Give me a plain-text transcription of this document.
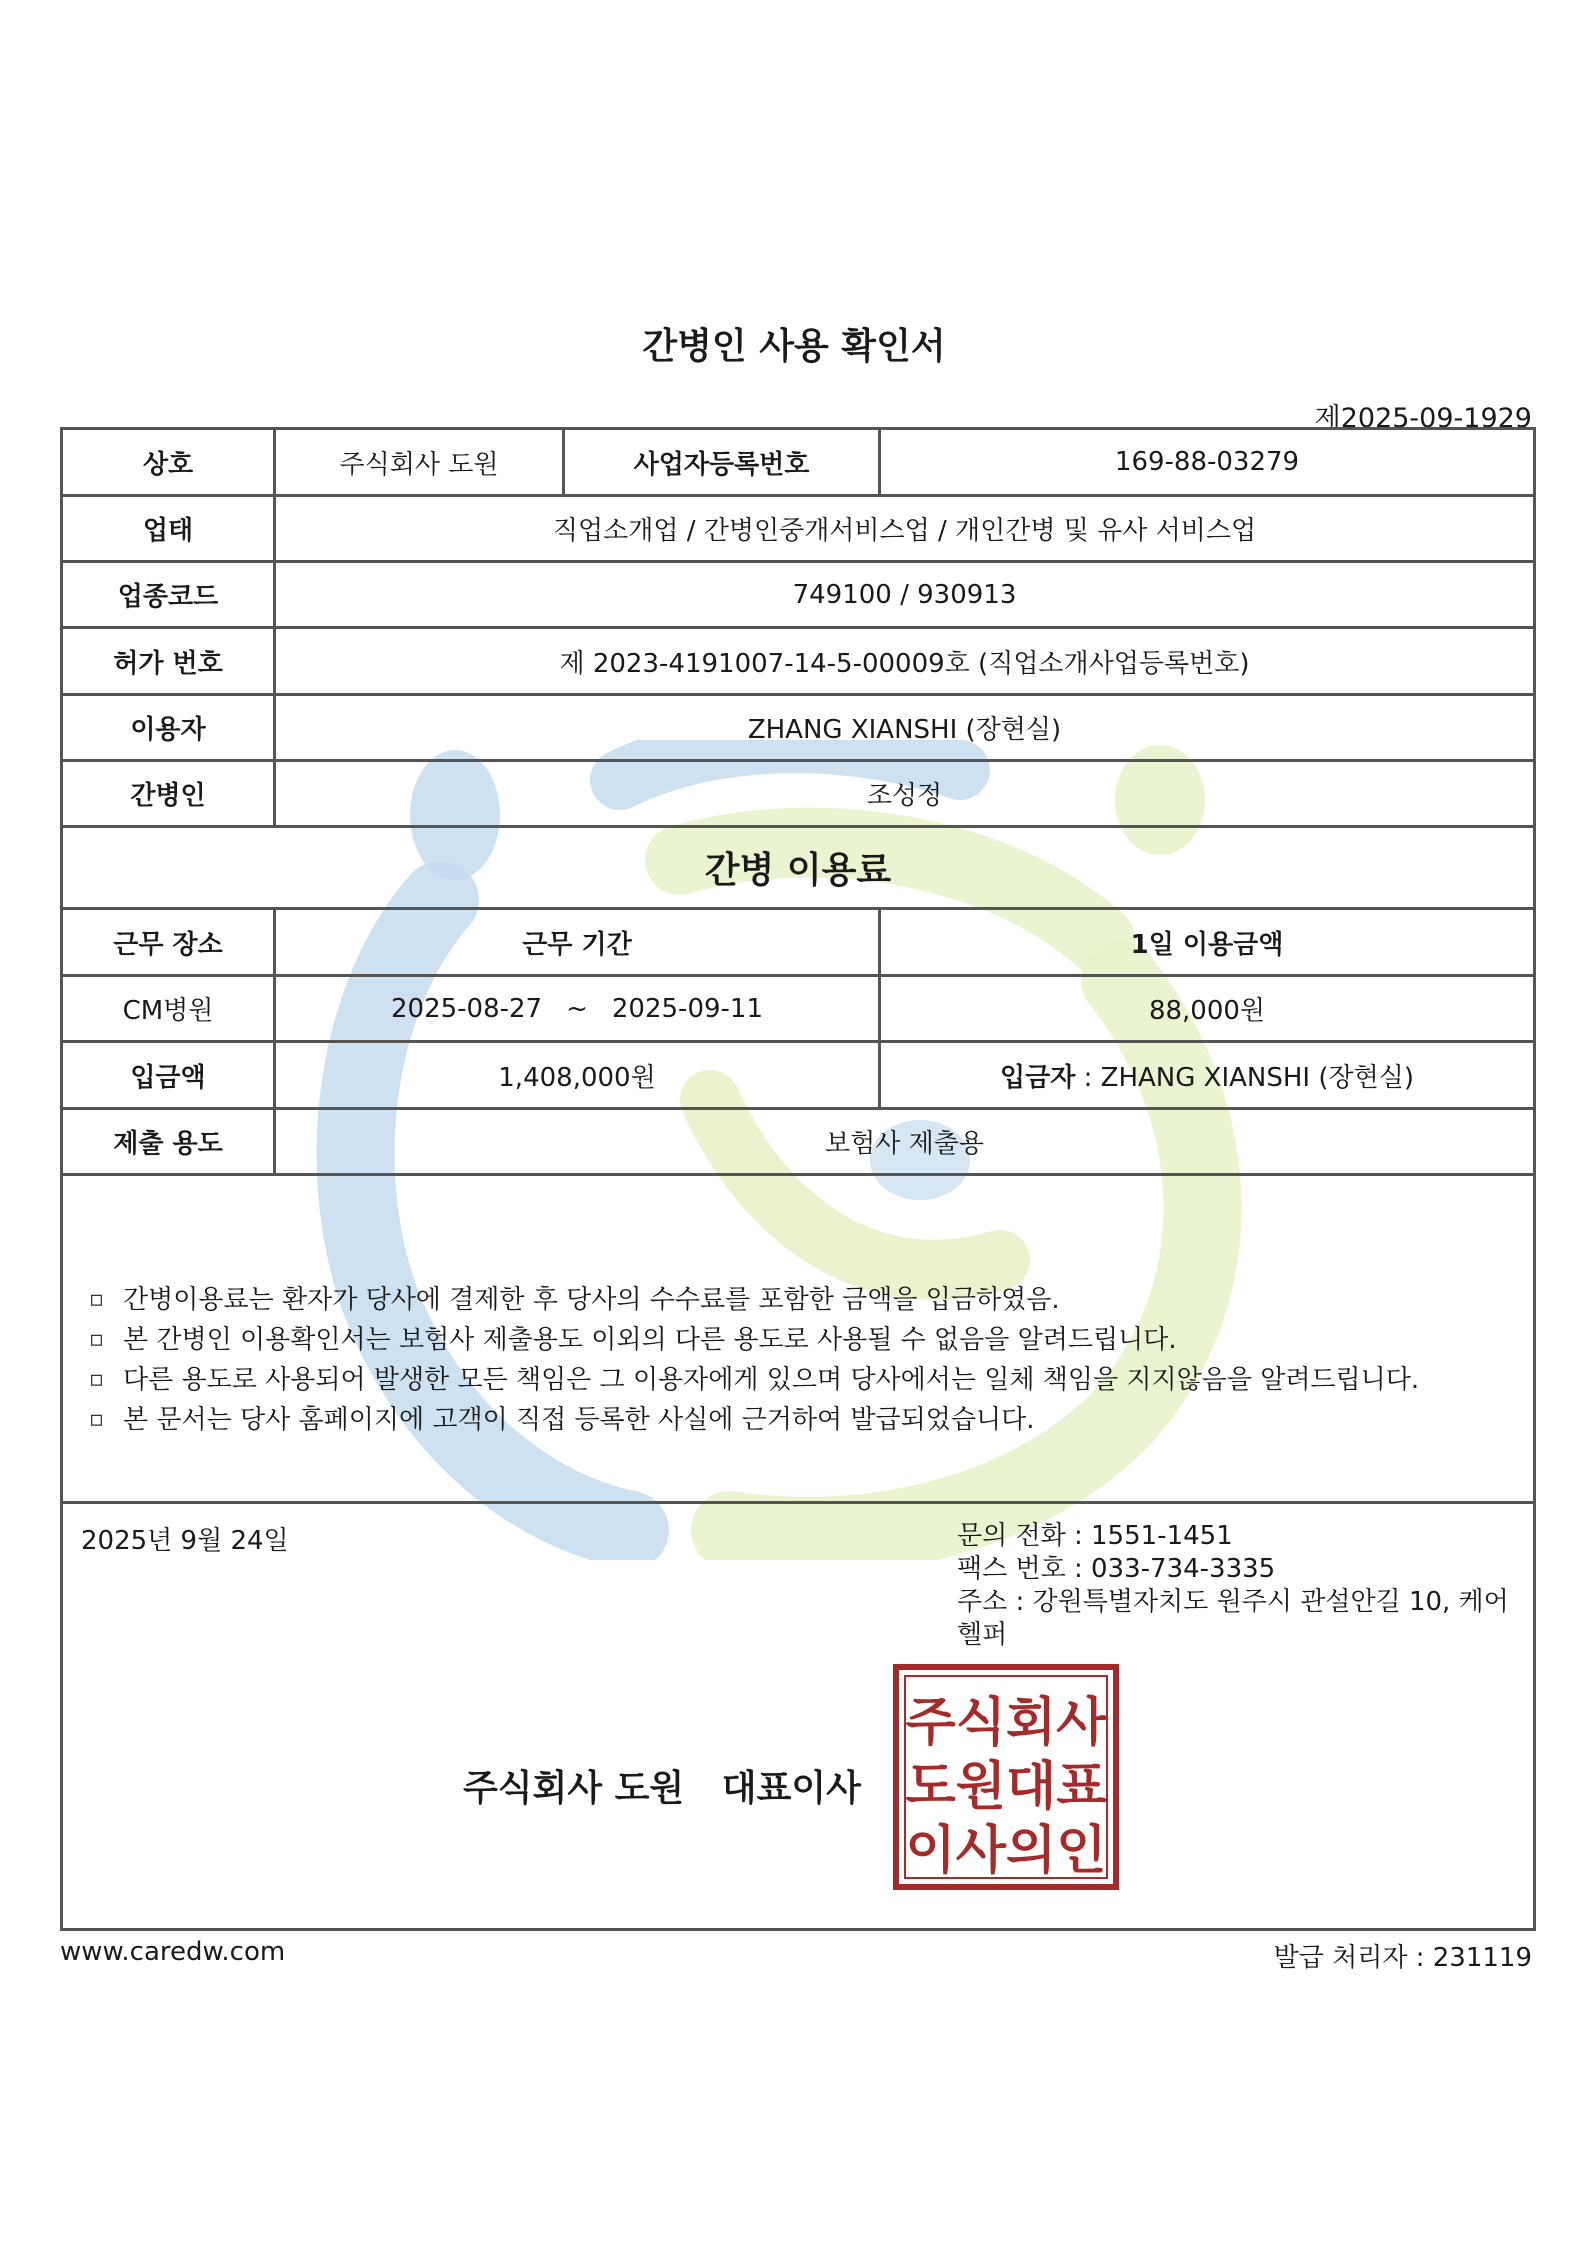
간병인 사용 확인서
제2025-09-1929
상호	주식회사 도원	사업자등록번호	169-88-03279
업태	직업소개업 / 간병인중개서비스업 / 개인간병 및 유사 서비스업
업종코드	749100 / 930913
허가 번호	제 2023-4191007-14-5-00009호 (직업소개사업등록번호)
이용자	ZHANG XIANSHI (장현실)
간병인	조성정
간병 이용료
근무 장소	근무 기간	1일 이용금액
CM병원	2025-08-27 ~ 2025-09-11	88,000원
입금액	1,408,000원	입금자 : ZHANG XIANSHI (장현실)
제출 용도	보험사 제출용
▫ 간병이용료는 환자가 당사에 결제한 후 당사의 수수료를 포함한 금액을 입금하였음.
▫ 본 간병인 이용확인서는 보험사 제출용도 이외의 다른 용도로 사용될 수 없음을 알려드립니다.
▫ 다른 용도로 사용되어 발생한 모든 책임은 그 이용자에게 있으며 당사에서는 일체 책임을 지지않음을 알려드립니다.
▫ 본 문서는 당사 홈페이지에 고객이 직접 등록한 사실에 근거하여 발급되었습니다.
2025년 9월 24일	문의 전화 : 1551-1451
팩스 번호 : 033-734-3335
주소 : 강원특별자치도 원주시 관설안길 10, 케어헬퍼
주식회사 도원   대표이사
주식회사
도원대표
이사의인
www.caredw.com	발급 처리자 : 231119
